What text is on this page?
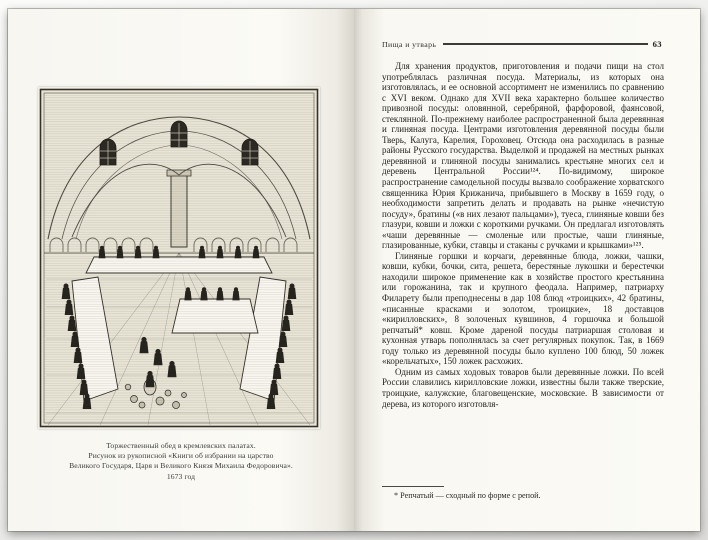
Торжественный обед в кремлевских палатах.
Рисунок из рукописной «Книги об избрании на царство
Великого Государя, Царя и Великого Князя Михаила Федоровича».
1673 год
Пища и утварь	63

Для хранения продуктов, приготовления и подачи пищи на стол употреблялась различная посуда. Материалы, из которых она изготовлялась, и ее основной ассортимент не изменились по сравнению с XVI веком. Однако для XVII века характерно большее количество привозной посуды: оловянной, серебряной, фарфоровой, фаянсовой, стеклянной. По-прежнему наиболее распространенной была деревянная и глиняная посуда. Центрами изготовления деревянной посуды были Тверь, Калуга, Карелия, Гороховец. Отсюда она расходилась в разные районы Русского государства. Выделкой и продажей на местных рынках деревянной и глиняной посуды занимались крестьяне многих сел и деревень Центральной России¹²⁴. По-видимому, широкое распространение самодельной посуды вызвало соображение хорватского священника Юрия Крижанича, прибывшего в Москву в 1659 году, о необходимости запретить делать и продавать на рынке «нечистую посуду», братины («в них лезают пальцами»), туеса, глиняные ковши без глазури, ковши и ложки с короткими ручками. Он предлагал изготовлять «чаши деревянные — смоленые или простые, чаши глиняные, глазированные, кубки, ставцы и стаканы с ручками и крышками»¹²⁵.

Глиняные горшки и корчаги, деревянные блюда, ложки, чашки, ковши, кубки, бочки, сита, решета, берестяные лукошки и берестечки находили широкое применение как в хозяйстве простого крестьянина или горожанина, так и крупного феодала. Например, патриарху Филарету были преподнесены в дар 108 блюд «троицких», 42 братины, «писанные красками и золотом, троицкие», 18 доставцов «кирилловских», 8 золоченых кувшинов, 4 горшочка и большой репчатый* ковш. Кроме дареной посуды патриаршая столовая и кухонная утварь пополнялась за счет регулярных покупок. Так, в 1669 году только из деревянной посуды было куплено 100 блюд, 50 ложек «корельчатых», 150 ложек расхожих.

Одним из самых ходовых товаров были деревянные ложки. По всей России славились кирилловские ложки, известны были также тверские, троицкие, калужские, благовещенские, московские. В зависимости от дерева, из которого изготовля-

* Репчатый — сходный по форме с репой.
